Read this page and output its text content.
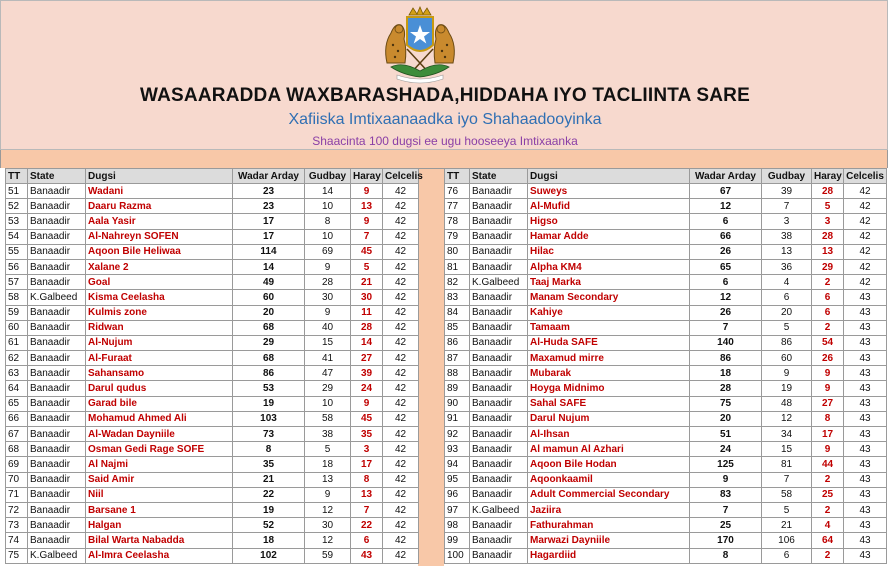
WASAARADDA WAXBARASHADA,HIDDAHA IYO TACLIINTA SARE
Xafiiska Imtixaanaadka iyo Shahaadooyinka
Shaacinta 100 dugsi ee ugu hooseeya Imtixaanka
TT	State	Dugsi	Wadar Arday	Gudbay	Haray	Celcelis
51	Banaadir	Wadani	23	14	9	42
52	Banaadir	Daaru Razma	23	10	13	42
53	Banaadir	Aala Yasir	17	8	9	42
54	Banaadir	Al-Nahreyn SOFEN	17	10	7	42
55	Banaadir	Aqoon Bile Heliwaa	114	69	45	42
56	Banaadir	Xalane 2	14	9	5	42
57	Banaadir	Goal	49	28	21	42
58	K.Galbeed	Kisma Ceelasha	60	30	30	42
59	Banaadir	Kulmis zone	20	9	11	42
60	Banaadir	Ridwan	68	40	28	42
61	Banaadir	Al-Nujum	29	15	14	42
62	Banaadir	Al-Furaat	68	41	27	42
63	Banaadir	Sahansamo	86	47	39	42
64	Banaadir	Darul qudus	53	29	24	42
65	Banaadir	Garad bile	19	10	9	42
66	Banaadir	Mohamud Ahmed Ali	103	58	45	42
67	Banaadir	Al-Wadan Dayniile	73	38	35	42
68	Banaadir	Osman Gedi Rage SOFE	8	5	3	42
69	Banaadir	Al Najmi	35	18	17	42
70	Banaadir	Said Amir	21	13	8	42
71	Banaadir	Niil	22	9	13	42
72	Banaadir	Barsane 1	19	12	7	42
73	Banaadir	Halgan	52	30	22	42
74	Banaadir	Bilal Warta Nabadda	18	12	6	42
75	K.Galbeed	Al-Imra Ceelasha	102	59	43	42
TT	State	Dugsi	Wadar Arday	Gudbay	Haray	Celcelis
76	Banaadir	Suweys	67	39	28	42
77	Banaadir	Al-Mufid	12	7	5	42
78	Banaadir	Higso	6	3	3	42
79	Banaadir	Hamar Adde	66	38	28	42
80	Banaadir	Hilac	26	13	13	42
81	Banaadir	Alpha KM4	65	36	29	42
82	K.Galbeed	Taaj Marka	6	4	2	42
83	Banaadir	Manam Secondary	12	6	6	43
84	Banaadir	Kahiye	26	20	6	43
85	Banaadir	Tamaam	7	5	2	43
86	Banaadir	Al-Huda SAFE	140	86	54	43
87	Banaadir	Maxamud mirre	86	60	26	43
88	Banaadir	Mubarak	18	9	9	43
89	Banaadir	Hoyga Midnimo	28	19	9	43
90	Banaadir	Sahal SAFE	75	48	27	43
91	Banaadir	Darul Nujum	20	12	8	43
92	Banaadir	Al-Ihsan	51	34	17	43
93	Banaadir	Al mamun Al Azhari	24	15	9	43
94	Banaadir	Aqoon Bile Hodan	125	81	44	43
95	Banaadir	Aqoonkaamil	9	7	2	43
96	Banaadir	Adult Commercial Secondary	83	58	25	43
97	K.Galbeed	Jaziira	7	5	2	43
98	Banaadir	Fathurahman	25	21	4	43
99	Banaadir	Marwazi Dayniile	170	106	64	43
100	Banaadir	Hagardiid	8	6	2	43
